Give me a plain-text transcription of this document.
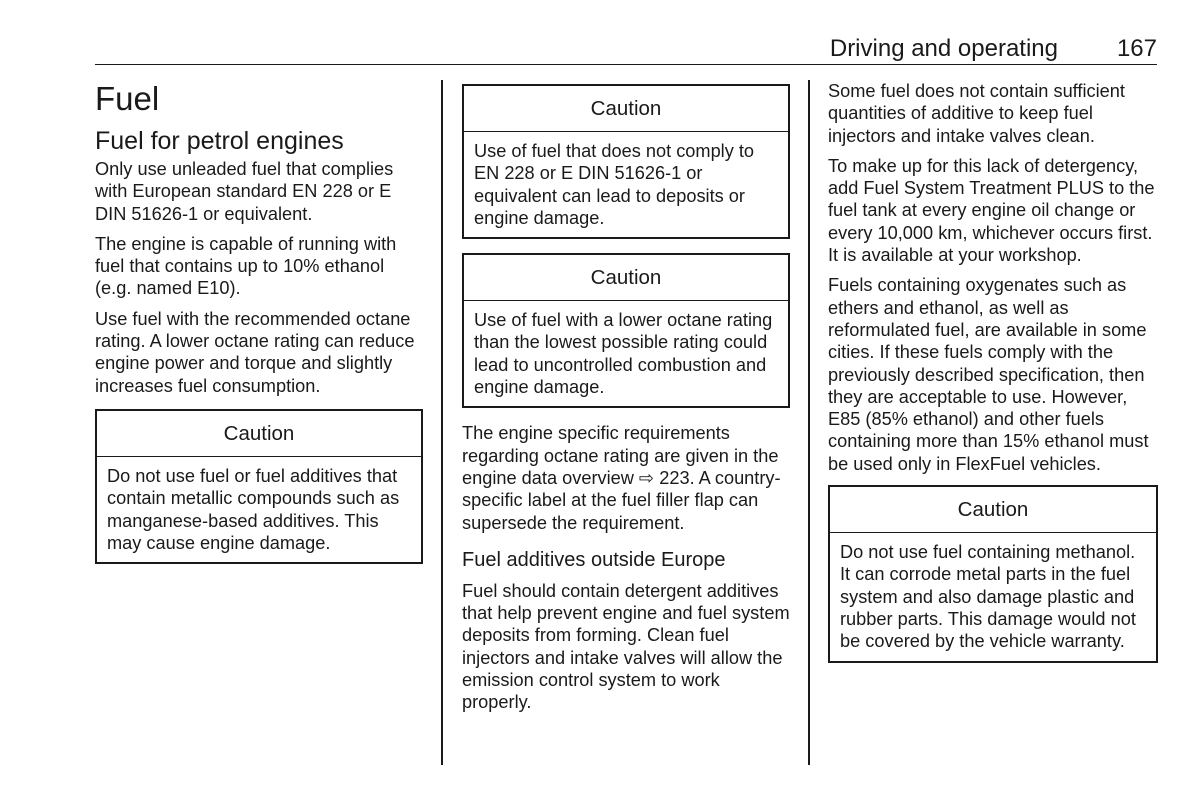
Driving and operating 167
Fuel
Fuel for petrol engines

Only use unleaded fuel that complies with European standard EN 228 or E DIN 51626-1 or equivalent.

The engine is capable of running with fuel that contains up to 10% ethanol (e.g. named E10).

Use fuel with the recommended octane rating. A lower octane rating can reduce engine power and torque and slightly increases fuel consumption.

Caution
Do not use fuel or fuel additives that contain metallic compounds such as manganese-based additives. This may cause engine damage.
Caution
Use of fuel that does not comply to EN 228 or E DIN 51626-1 or equivalent can lead to deposits or engine damage.
Caution
Use of fuel with a lower octane rating than the lowest possible rating could lead to uncontrolled combustion and engine damage.

The engine specific requirements regarding octane rating are given in the engine data overview ⇨ 223. A country-specific label at the fuel filler flap can supersede the requirement.

Fuel additives outside Europe

Fuel should contain detergent additives that help prevent engine and fuel system deposits from forming. Clean fuel injectors and intake valves will allow the emission control system to work properly.

Some fuel does not contain sufficient quantities of additive to keep fuel injectors and intake valves clean.

To make up for this lack of detergency, add Fuel System Treatment PLUS to the fuel tank at every engine oil change or every 10,000 km, whichever occurs first. It is available at your workshop.

Fuels containing oxygenates such as ethers and ethanol, as well as reformulated fuel, are available in some cities. If these fuels comply with the previously described specification, then they are acceptable to use. However, E85 (85% ethanol) and other fuels containing more than 15% ethanol must be used only in FlexFuel vehicles.

Caution
Do not use fuel containing methanol. It can corrode metal parts in the fuel system and also damage plastic and rubber parts. This damage would not be covered by the vehicle warranty.
